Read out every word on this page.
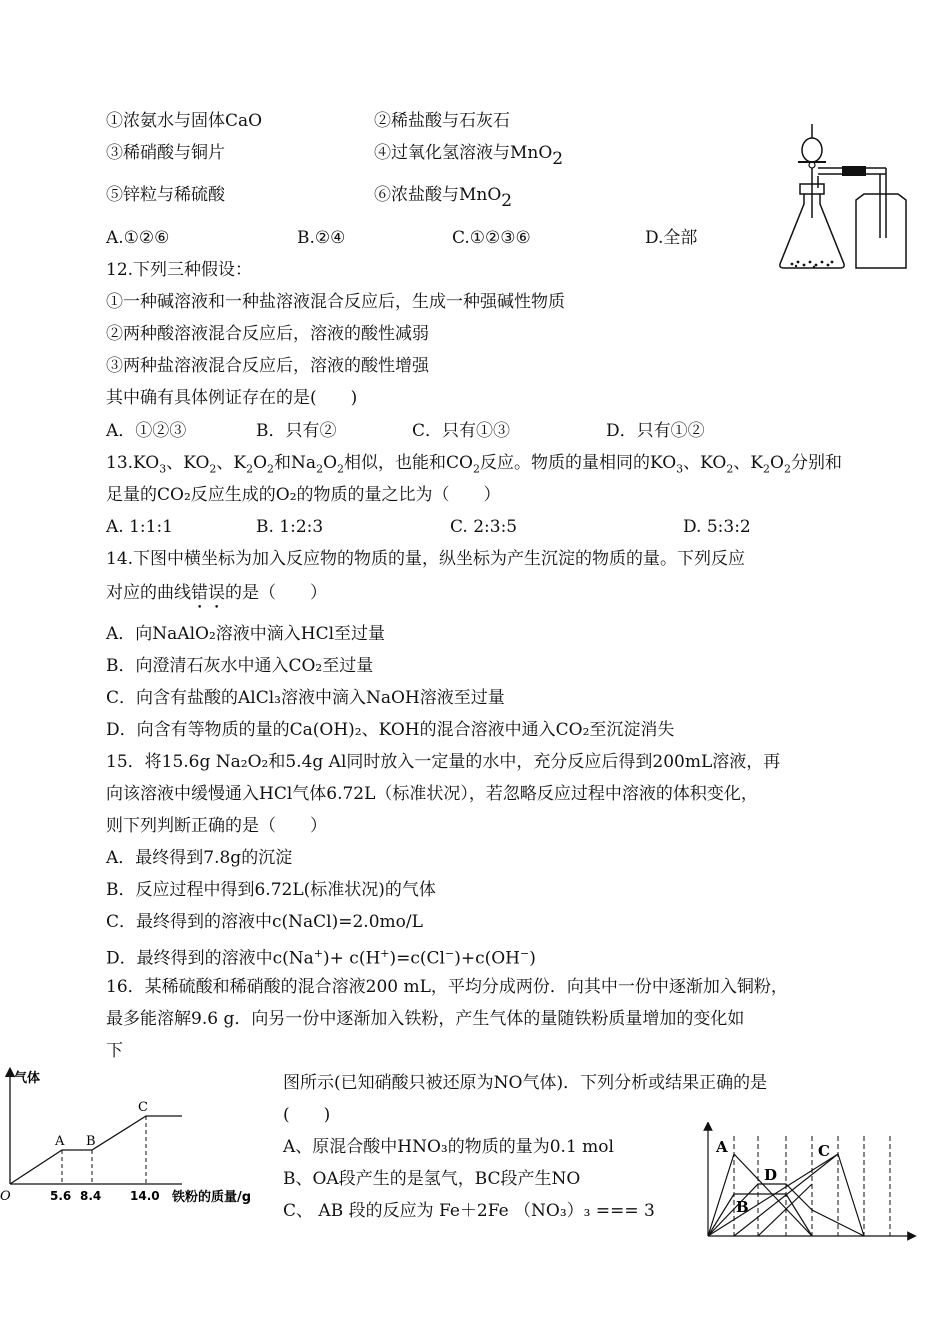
①浓氨水与固体CaO	②稀盐酸与石灰石
③稀硝酸与铜片	④过氧化氢溶液与MnO2
⑤锌粒与稀硫酸	⑥浓盐酸与MnO2
A.①②⑥	B.②④	C.①②③⑥	D.全部
12.下列三种假设：
①一种碱溶液和一种盐溶液混合反应后，生成一种强碱性物质
②两种酸溶液混合反应后，溶液的酸性减弱
③两种盐溶液混合反应后，溶液的酸性增强
其中确有具体例证存在的是(　　)
A．①②③	B．只有②	C．只有①③	D．只有①②
$13.KO_3$、$KO_2$、$K_2O_2$和$Na_2O_2$相似，也能和$CO_2$反应。物质的量相同的$KO_3$、$KO_2$、$K_2O_2$分别和
足量的CO₂反应生成的O₂的物质的量之比为（　　）
A. 1:1:1	B. 1:2:3	C. 2:3:5	D. 5:3:2
14.下图中横坐标为加入反应物的物质的量，纵坐标为产生沉淀的物质的量。下列反应
对应的曲线错误的是（　　）
A．向NaAlO₂溶液中滴入HCl至过量
B．向澄清石灰水中通入CO₂至过量
C．向含有盐酸的AlCl₃溶液中滴入NaOH溶液至过量
D．向含有等物质的量的Ca(OH)₂、KOH的混合溶液中通入CO₂至沉淀消失
15．将15.6g Na₂O₂和5.4g Al同时放入一定量的水中，充分反应后得到200mL溶液，再
向该溶液中缓慢通入HCl气体6.72L（标准状况），若忽略反应过程中溶液的体积变化，
则下列判断正确的是（　　）
A．最终得到7.8g的沉淀
B．反应过程中得到6.72L(标准状况)的气体
C．最终得到的溶液中c(NaCl)=2.0mo/L
D．最终得到的溶液中c(Na+)+ c(H+)=c(Cl−)+c(OH−)
16．某稀硫酸和稀硝酸的混合溶液200 mL，平均分成两份．向其中一份中逐渐加入铜粉，
最多能溶解9.6 g．向另一份中逐渐加入铁粉，产生气体的量随铁粉质量增加的变化如
下
图所示(已知硝酸只被还原为NO气体)．下列分析或结果正确的是
(　　)
A、原混合酸中HNO₃的物质的量为0.1 mol
B、OA段产生的是氢气，BC段产生NO
C、 AB 段的反应为 Fe＋2Fe （NO₃）₃ === 3
气体
O
A B
C
5.6 8.4 14.0 铁粉的质量/g
A
B
C
D
